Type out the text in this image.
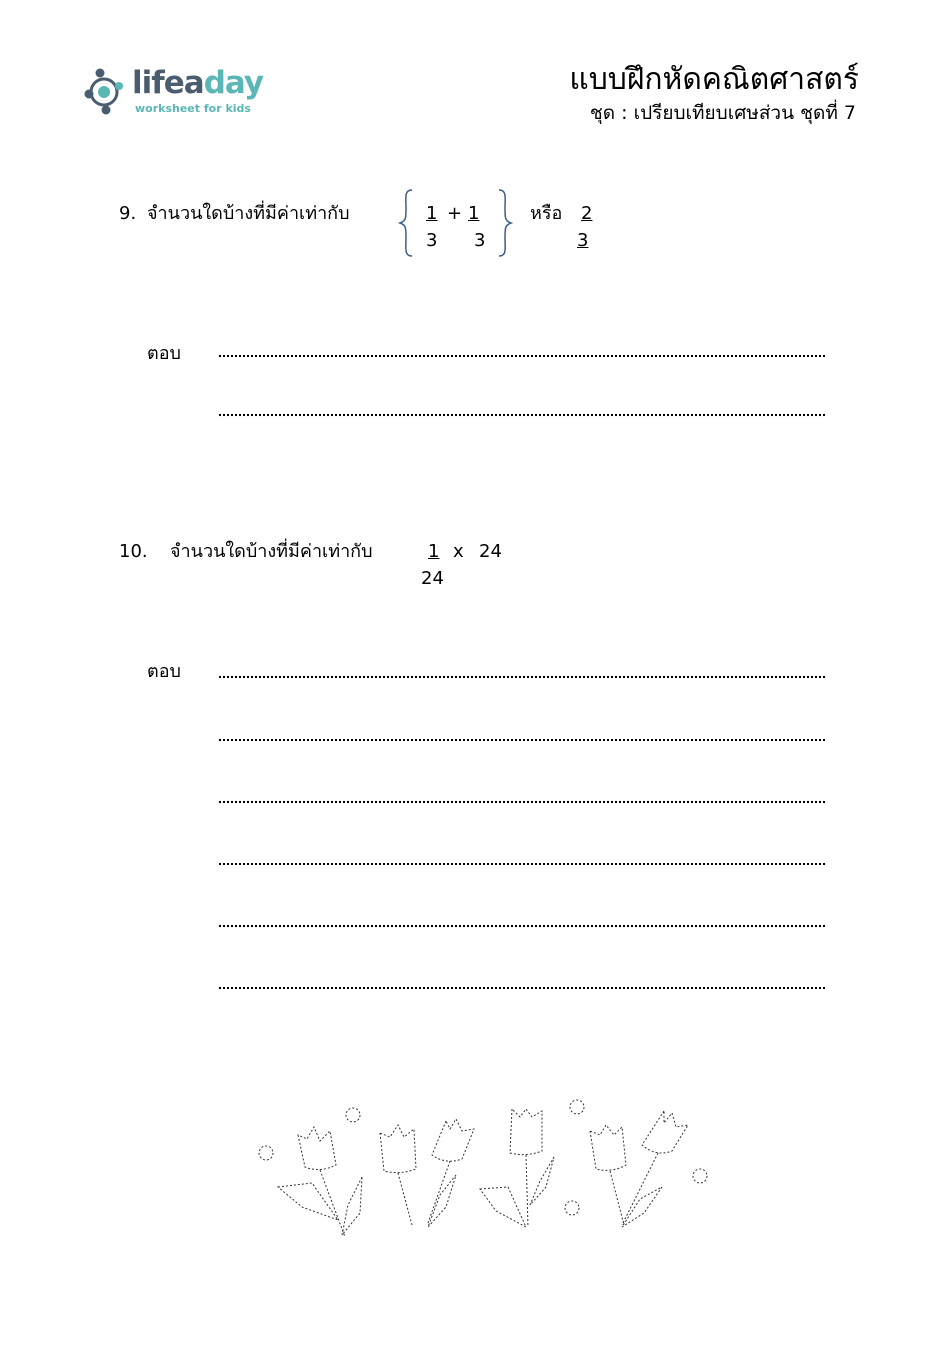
lifeaday
worksheet for kids
แบบฝึกหัดคณิตศาสตร์
ชุด : เปรียบเทียบเศษส่วน ชุดที่ 7
9. จำนวนใดบ้างที่มีค่าเท่ากับ	1
3
+ 1
3
หรือ 2
3
ตอบ
10. จำนวนใดบ้างที่มีค่าเท่ากับ	1
24
x 24
ตอบ
